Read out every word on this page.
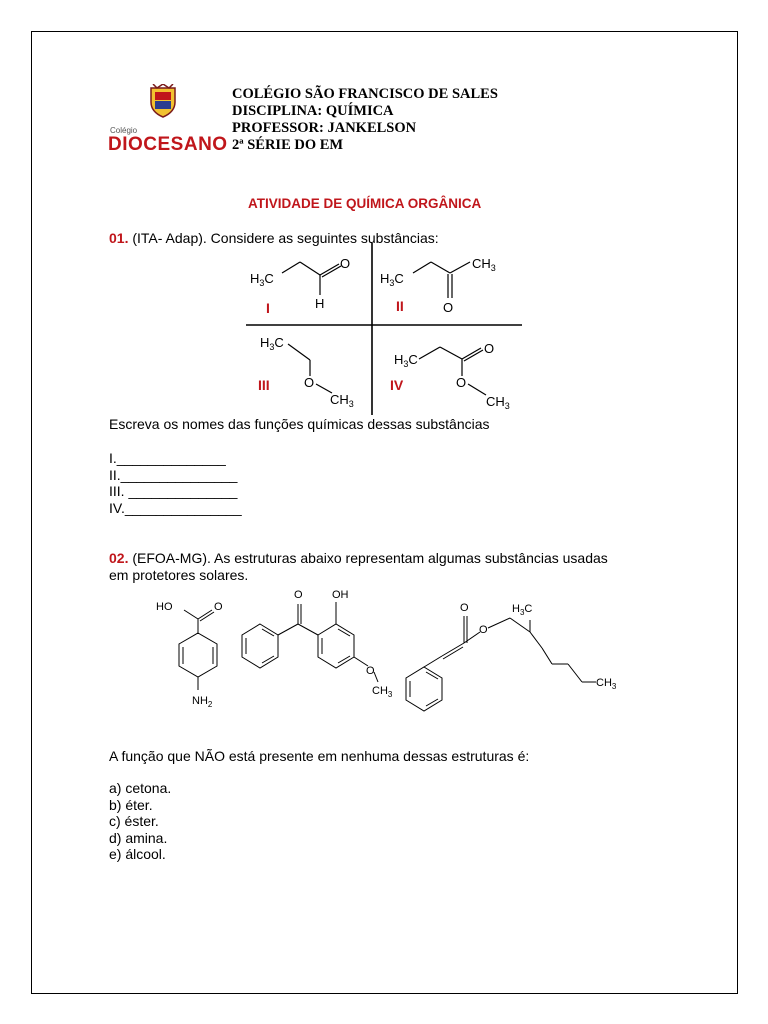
Colégio
DIOCESANO
COLÉGIO SÃO FRANCISCO DE SALES
DISCIPLINA: QUÍMICA
PROFESSOR: JANKELSON
2ª SÉRIE DO EM
ATIVIDADE DE QUÍMICA ORGÂNICA
01. (ITA- Adap). Considere as seguintes substâncias:
$H_3C$
O
H
$H_3C$
$CH_3$
O
$H_3C$
O
$CH_3$
$H_3C$
O
O
$CH_3$
I	II
III	IV
Escreva os nomes das funções químicas dessas substâncias
I.______________
II._______________
III. ______________
IV._______________
02. (EFOA-MG). As estruturas abaixo representam algumas substâncias usadas em protetores solares.
HO	O
$NH_2$
O	OH
O
$CH_3$
O
O
$H_3C$
$CH_3$
A função que NÃO está presente em nenhuma dessas estruturas é:
a) cetona.
b) éter.
c) éster.
d) amina.
e) álcool.
